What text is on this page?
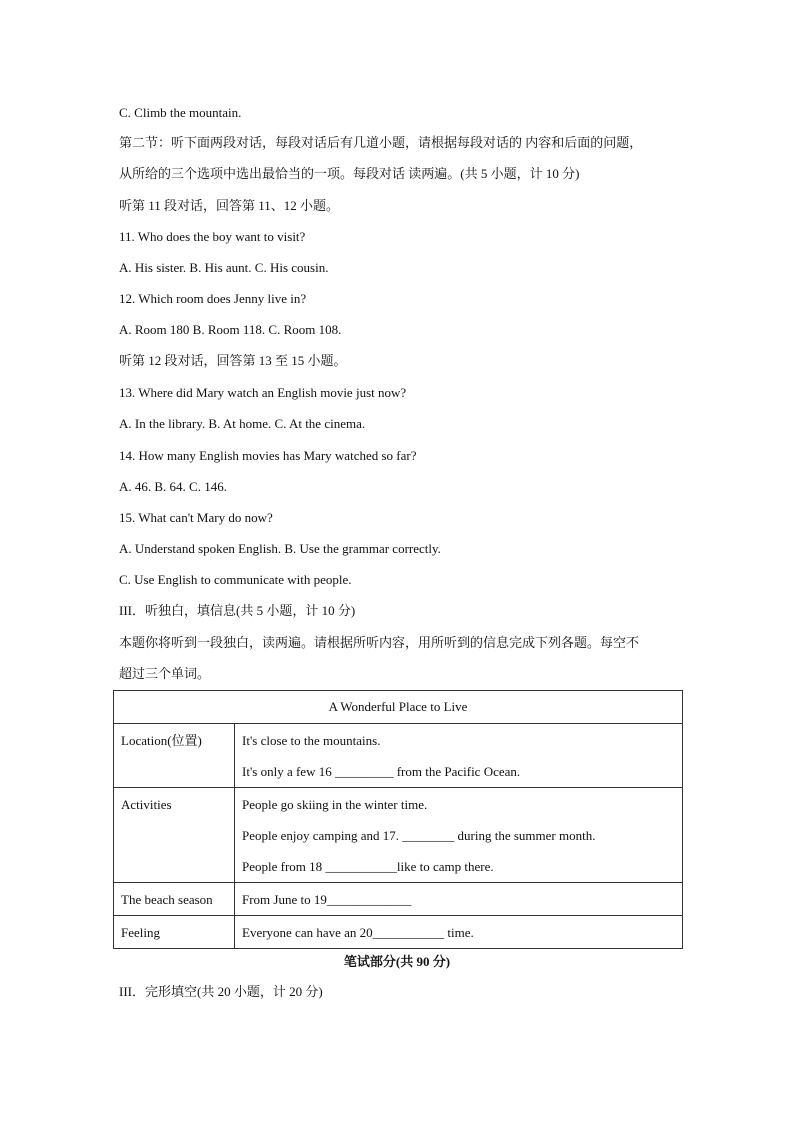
C. Climb the mountain.
第二节：听下面两段对话，每段对话后有几道小题，请根据每段对话的 内容和后面的问题，
从所给的三个选项中选出最恰当的一项。每段对话 读两遍。(共 5 小题，计 10 分)
听第 11 段对话，回答第 11、12 小题。
11. Who does the boy want to visit?
A. His sister. B. His aunt. C. His cousin.
12. Which room does Jenny live in?
A. Room 180 B. Room 118. C. Room 108.
听第 12 段对话，回答第 13 至 15 小题。
13. Where did Mary watch an English movie just now?
A. In the library. B. At home. C. At the cinema.
14. How many English movies has Mary watched so far?
A. 46. B. 64. C. 146.
15. What can't Mary do now?
A. Understand spoken English. B. Use the grammar correctly.
C. Use English to communicate with people.
III．听独白，填信息(共 5 小题，计 10 分)
本题你将听到一段独白，读两遍。请根据所听内容，用所听到的信息完成下列各题。每空不
超过三个单词。
A Wonderful Place to Live	

Location(位置)	It's close to the mountains.
It's only a few 16 _________ from the Pacific Ocean.

Activities	People go skiing in the winter time.
People enjoy camping and 17. ________ during the summer month.
People from 18 ___________like to camp there.

The beach season	From June to 19_____________

Feeling	Everyone can have an 20___________ time.
笔试部分(共 90 分)
III．完形填空(共 20 小题，计 20 分)
